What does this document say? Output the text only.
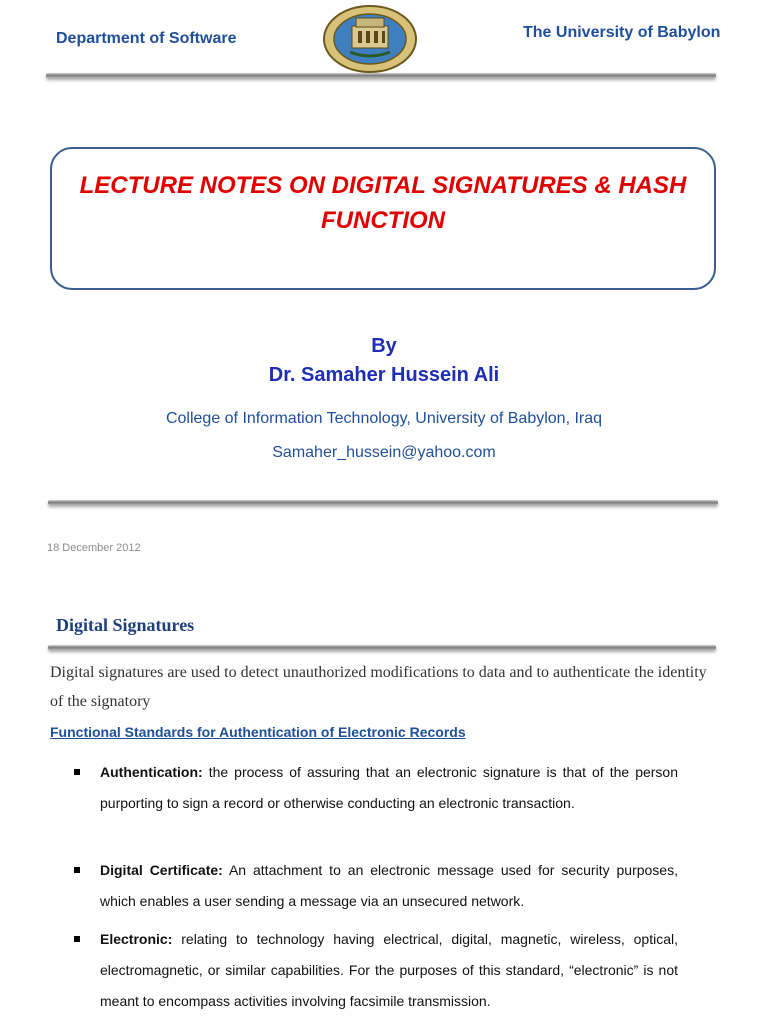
Department of Software	The University of Babylon
LECTURE NOTES ON DIGITAL SIGNATURES & HASH
FUNCTION
By
Dr. Samaher Hussein Ali
College of Information Technology, University of Babylon, Iraq
Samaher_hussein@yahoo.com
18 December 2012
Digital Signatures
Digital signatures are used to detect unauthorized modifications to data and to authenticate the identity of the signatory
Functional Standards for Authentication of Electronic Records
Authentication: the process of assuring that an electronic signature is that of the person purporting to sign a record or otherwise conducting an electronic transaction.
Digital Certificate: An attachment to an electronic message used for security purposes, which enables a user sending a message via an unsecured network.
Electronic: relating to technology having electrical, digital, magnetic, wireless, optical, electromagnetic, or similar capabilities. For the purposes of this standard, “electronic” is not meant to encompass activities involving facsimile transmission.
